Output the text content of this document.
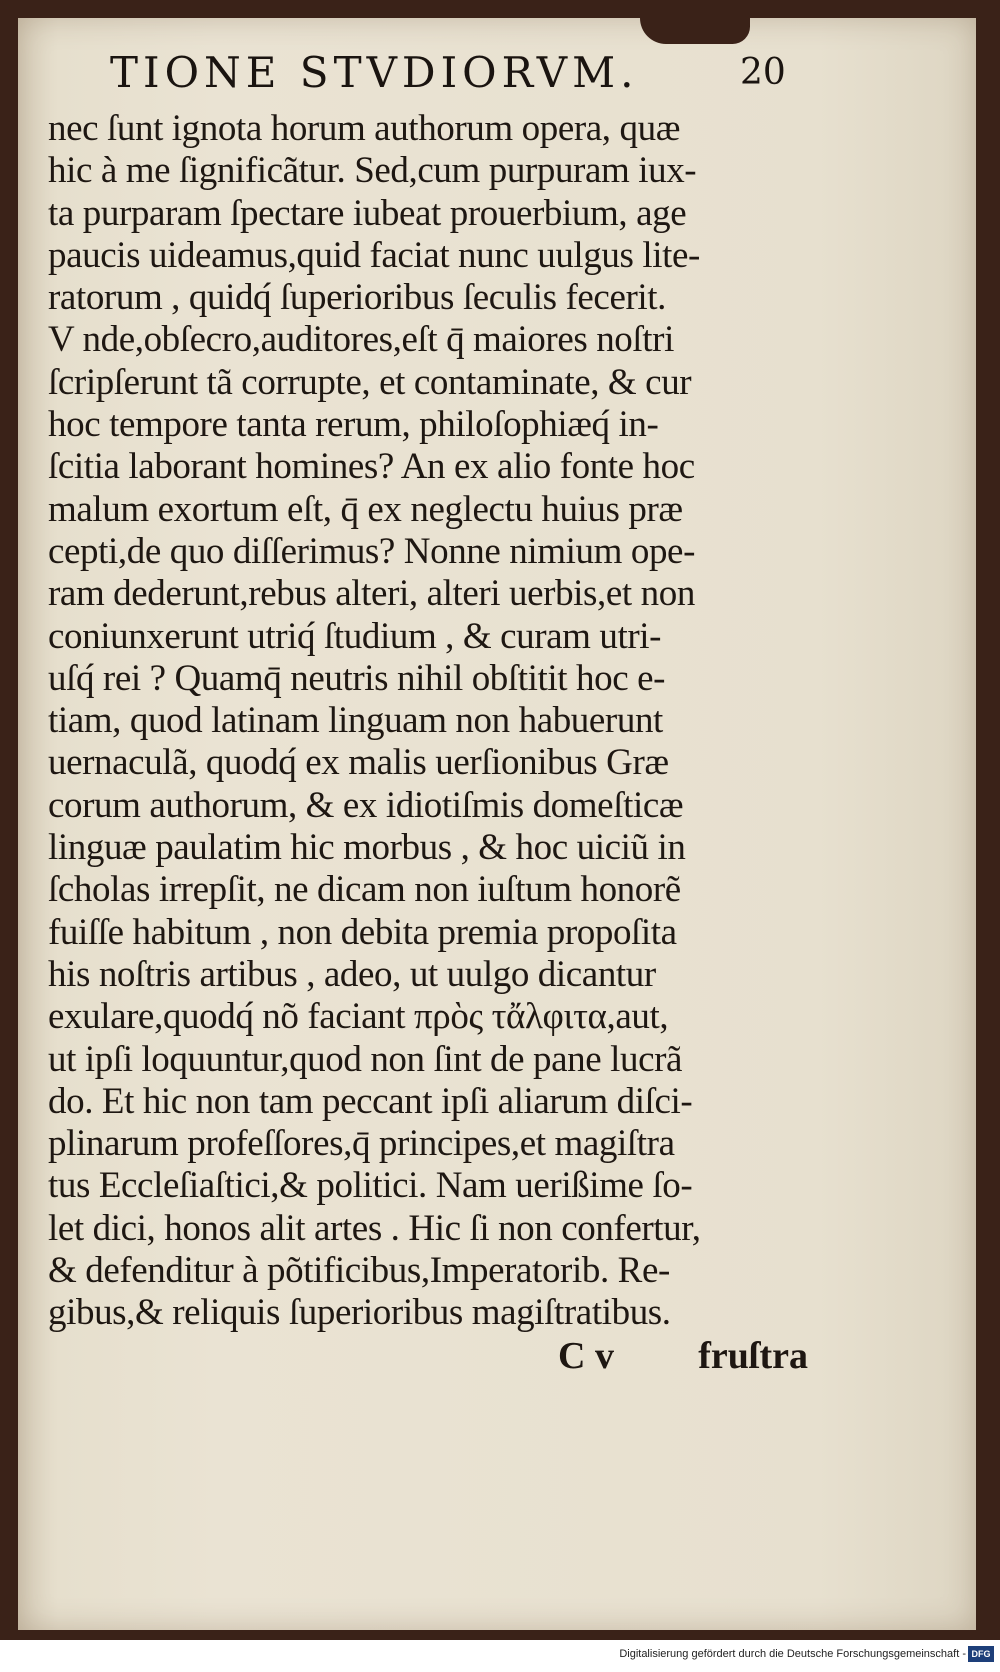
TIONE STVDIORVM.	20
nec ſunt ignota horum authorum opera, quæ
hic à me ſignificãtur. Sed,cum purpuram iux-
ta purparam ſpectare iubeat prouerbium, age
paucis uideamus,quid faciat nunc uulgus lite-
ratorum , quidq́ ſuperioribus ſeculis fecerit.
V nde,obſecro,auditores,eſt q̄ maiores noſtri
ſcripſerunt tã corrupte, et contaminate, & cur
hoc tempore tanta rerum, philoſophiæq́ in-
ſcitia laborant homines? An ex alio fonte hoc
malum exortum eſt, q̄ ex neglectu huius præ
cepti,de quo diſſerimus? Nonne nimium ope-
ram dederunt,rebus alteri, alteri uerbis,et non
coniunxerunt utriq́ ſtudium , & curam utri-
uſq́ rei ? Quamq̄ neutris nihil obſtitit hoc e-
tiam, quod latinam linguam non habuerunt
uernaculã, quodq́ ex malis uerſionibus Græ
corum authorum, & ex idiotiſmis domeſticæ
linguæ paulatim hic morbus , & hoc uiciũ in
ſcholas irrepſit, ne dicam non iuſtum honorẽ
fuiſſe habitum , non debita premia propoſita
his noſtris artibus , adeo, ut uulgo dicantur
exulare,quodq́ nõ faciant πρὸς τἄλφιτα,aut,
ut ipſi loquuntur,quod non ſint de pane lucrã
do. Et hic non tam peccant ipſi aliarum diſci-
plinarum profeſſores,q̄ principes,et magiſtra
tus Eccleſiaſtici,& politici. Nam uerißime ſo-
let dici, honos alit artes . Hic ſi non confertur,
& defenditur à põtificibus,Imperatorib. Re-
gibus,& reliquis ſuperioribus magiſtratibus.
C v fruſtra
Digitalisierung gefördert durch die Deutsche Forschungsgemeinschaft - DFG
